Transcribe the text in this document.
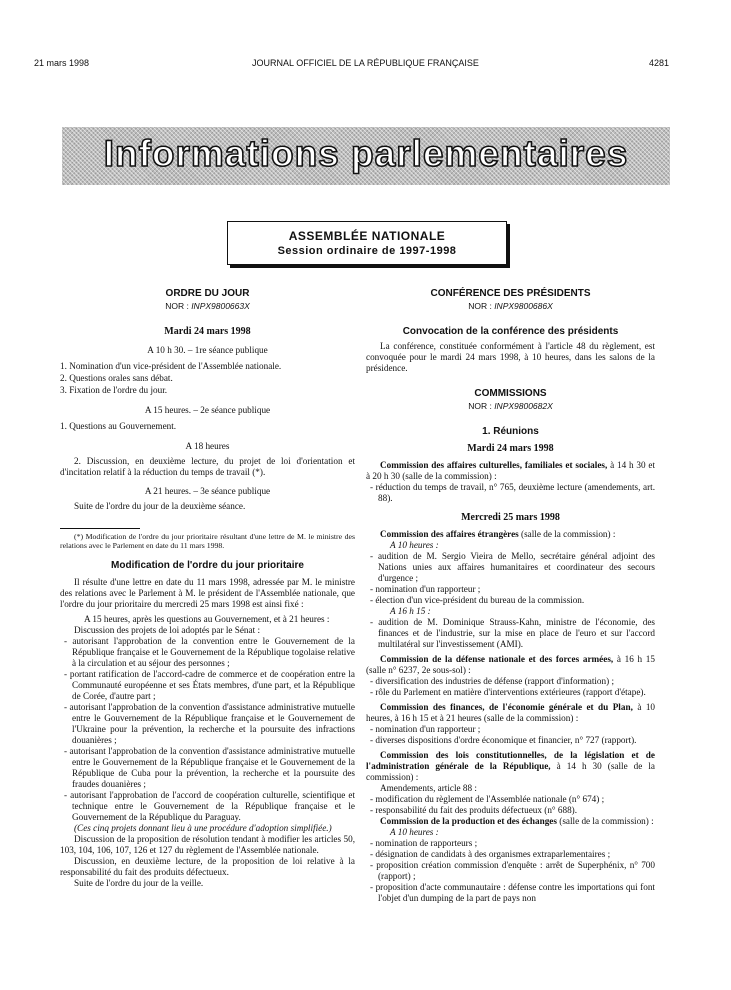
21 mars 1998	JOURNAL OFFICIEL DE LA RÉPUBLIQUE FRANÇAISE	4281
Informations parlementaires
ASSEMBLÉE NATIONALE
Session ordinaire de 1997-1998
ORDRE DU JOUR
NOR : INPX9800663X
Mardi 24 mars 1998
A 10 h 30. – 1re séance publique

1. Nomination d'un vice-président de l'Assemblée nationale.

2. Questions orales sans débat.

3. Fixation de l'ordre du jour.

A 15 heures. – 2e séance publique

1. Questions au Gouvernement.

A 18 heures

2. Discussion, en deuxième lecture, du projet de loi d'orientation et d'incitation relatif à la réduction du temps de travail (*).

A 21 heures. – 3e séance publique

Suite de l'ordre du jour de la deuxième séance.

(*) Modification de l'ordre du jour prioritaire résultant d'une lettre de M. le ministre des relations avec le Parlement en date du 11 mars 1998.

Modification de l'ordre du jour prioritaire

Il résulte d'une lettre en date du 11 mars 1998, adressée par M. le ministre des relations avec le Parlement à M. le président de l'Assemblée nationale, que l'ordre du jour prioritaire du mercredi 25 mars 1998 est ainsi fixé :

A 15 heures, après les questions au Gouvernement, et à 21 heures :

Discussion des projets de loi adoptés par le Sénat :

- autorisant l'approbation de la convention entre le Gouvernement de la République française et le Gouvernement de la République togolaise relative à la circulation et au séjour des personnes ;

- portant ratification de l'accord-cadre de commerce et de coopération entre la Communauté européenne et ses États membres, d'une part, et la République de Corée, d'autre part ;

- autorisant l'approbation de la convention d'assistance administrative mutuelle entre le Gouvernement de la République française et le Gouvernement de l'Ukraine pour la prévention, la recherche et la poursuite des infractions douanières ;

- autorisant l'approbation de la convention d'assistance administrative mutuelle entre le Gouvernement de la République française et le Gouvernement de la République de Cuba pour la prévention, la recherche et la poursuite des fraudes douanières ;

- autorisant l'approbation de l'accord de coopération culturelle, scientifique et technique entre le Gouvernement de la République française et le Gouvernement de la République du Paraguay.

(Ces cinq projets donnant lieu à une procédure d'adoption simplifiée.)

Discussion de la proposition de résolution tendant à modifier les articles 50, 103, 104, 106, 107, 126 et 127 du règlement de l'Assemblée nationale.

Discussion, en deuxième lecture, de la proposition de loi relative à la responsabilité du fait des produits défectueux.

Suite de l'ordre du jour de la veille.

CONFÉRENCE DES PRÉSIDENTS
NOR : INPX9800686X
Convocation de la conférence des présidents

La conférence, constituée conformément à l'article 48 du règlement, est convoquée pour le mardi 24 mars 1998, à 10 heures, dans les salons de la présidence.

COMMISSIONS
NOR : INPX9800682X
1. Réunions
Mardi 24 mars 1998

Commission des affaires culturelles, familiales et sociales, à 14 h 30 et à 20 h 30 (salle de la commission) :

- réduction du temps de travail, n° 765, deuxième lecture (amendements, art. 88).

Mercredi 25 mars 1998

Commission des affaires étrangères (salle de la commission) :

A 10 heures :

- audition de M. Sergio Vieira de Mello, secrétaire général adjoint des Nations unies aux affaires humanitaires et coordinateur des secours d'urgence ;

- nomination d'un rapporteur ;

- élection d'un vice-président du bureau de la commission.

A 16 h 15 :

- audition de M. Dominique Strauss-Kahn, ministre de l'économie, des finances et de l'industrie, sur la mise en place de l'euro et sur l'accord multilatéral sur l'investissement (AMI).

Commission de la défense nationale et des forces armées, à 16 h 15 (salle n° 6237, 2e sous-sol) :

- diversification des industries de défense (rapport d'information) ;

- rôle du Parlement en matière d'interventions extérieures (rapport d'étape).

Commission des finances, de l'économie générale et du Plan, à 10 heures, à 16 h 15 et à 21 heures (salle de la commission) :

- nomination d'un rapporteur ;

- diverses dispositions d'ordre économique et financier, n° 727 (rapport).

Commission des lois constitutionnelles, de la législation et de l'administration générale de la République, à 14 h 30 (salle de la commission) :

Amendements, article 88 :

- modification du règlement de l'Assemblée nationale (n° 674) ;

- responsabilité du fait des produits défectueux (n° 688).

Commission de la production et des échanges (salle de la commission) :

A 10 heures :

- nomination de rapporteurs ;

- désignation de candidats à des organismes extraparlementaires ;

- proposition création commission d'enquête : arrêt de Superphénix, n° 700 (rapport) ;

- proposition d'acte communautaire : défense contre les importations qui font l'objet d'un dumping de la part de pays non
